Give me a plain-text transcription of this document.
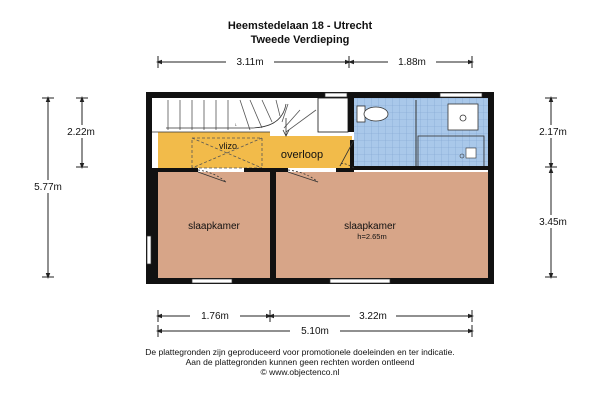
Heemstedelaan 18 - Utrecht
Tweede Verdieping
3.11m	1.88m
2.22m
5.77m
2.17m
3.45m
1.76m	3.22m
5.10m
⌐
vlizo
overloop
slaapkamer	slaapkamer
h=2.65m
De plattegronden zijn geproduceerd voor promotionele doeleinden en ter indicatie.
Aan de plattegronden kunnen geen rechten worden ontleend
© www.objectenco.nl
